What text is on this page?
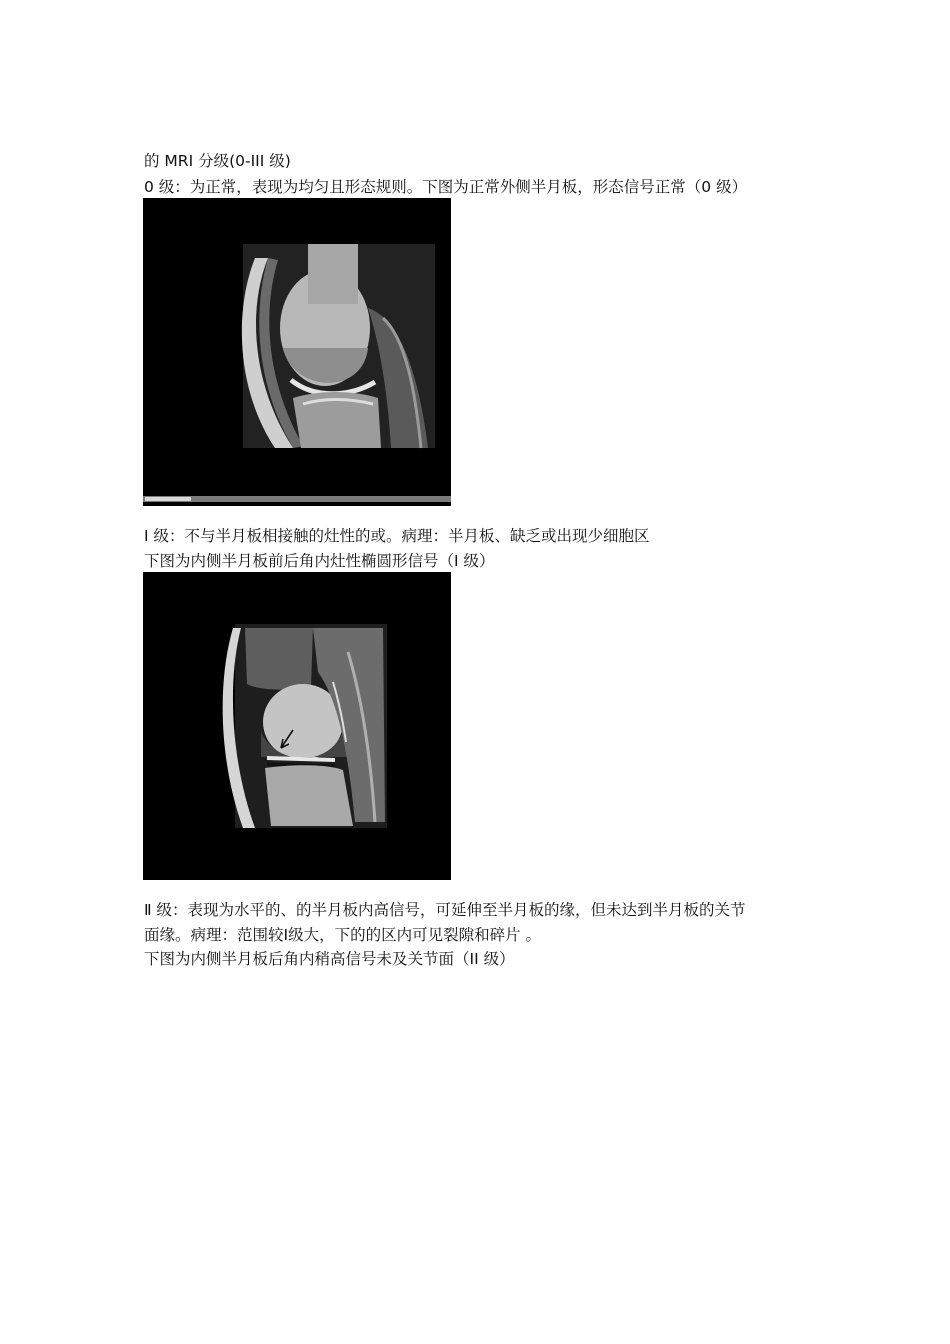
的 MRI 分级(0-III 级)
0 级：为正常，表现为均匀且形态规则。下图为正常外侧半月板，形态信号正常（0 级）
Ⅰ 级：不与半月板相接触的灶性的或。病理：半月板、缺乏或出现少细胞区
下图为内侧半月板前后角内灶性椭圆形信号（I 级）
Ⅱ 级：表现为水平的、的半月板内高信号，可延伸至半月板的缘，但未达到半月板的关节
面缘。病理：范围较Ⅰ级大，下的的区内可见裂隙和碎片 。
下图为内侧半月板后角内稍高信号未及关节面（II 级）
